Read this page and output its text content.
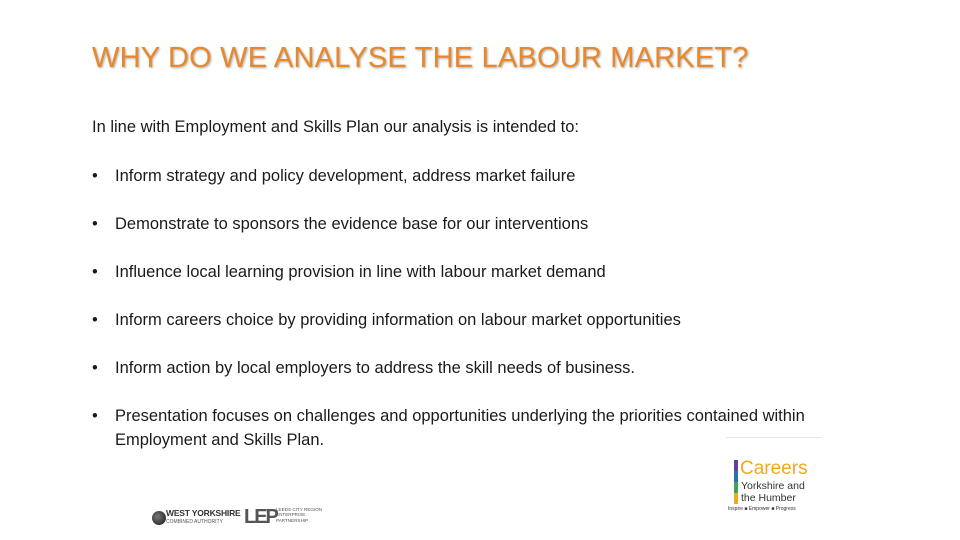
WHY DO WE ANALYSE THE LABOUR MARKET?
In line with Employment and Skills Plan our analysis is intended to:
• Inform strategy and policy development, address market failure
• Demonstrate to sponsors the evidence base for our interventions
• Influence local learning provision in line with labour market demand
• Inform careers choice by providing information on labour market opportunities
• Inform action by local employers to address the skill needs of business.
• Presentation focuses on challenges and opportunities underlying the priorities contained within Employment and Skills Plan.
Careers
Yorkshire and
the Humber
Inspire ■ Empower ■ Progress
WEST YORKSHIRE
COMBINED AUTHORITY LEP LEEDS CITY REGION
ENTERPRISE
PARTNERSHIP
